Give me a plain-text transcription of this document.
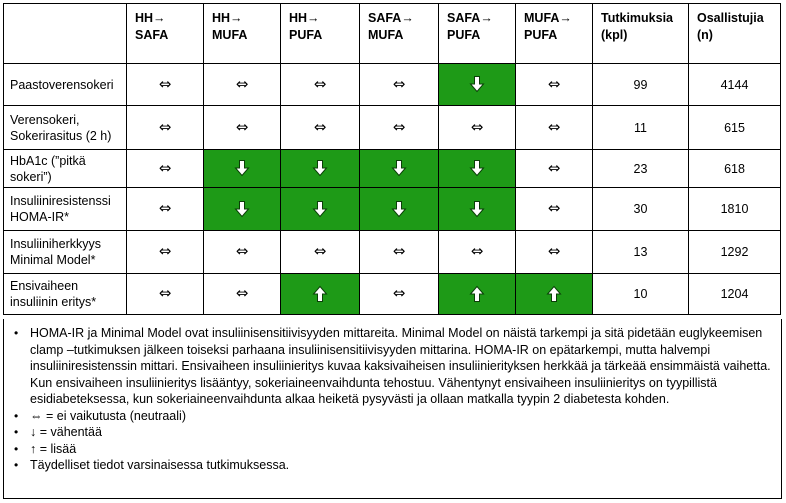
	HH→ SAFA	HH→ MUFA	HH→ PUFA	SAFA→ MUFA	SAFA→ PUFA	MUFA→ PUFA	Tutkimuksia (kpl)	Osallistujia (n)
Paastoverensokeri	⇔	⇔	⇔	⇔		⇔	99	4144
Verensokeri, Sokerirasitus (2 h)	⇔	⇔	⇔	⇔	⇔	⇔	11	615
HbA1c (”pitkä sokeri”)	⇔					⇔	23	618
Insuliiniresistenssi HOMA-IR*	⇔					⇔	30	1810
Insuliiniherkkyys Minimal Model*	⇔	⇔	⇔	⇔	⇔	⇔	13	1292
Ensivaiheen insuliinin eritys*	⇔	⇔		⇔			10	1204
• HOMA-IR ja Minimal Model ovat insuliinisensitiivisyyden mittareita. Minimal Model on näistä tarkempi ja sitä pidetään euglykeemisen clamp –tutkimuksen jälkeen toiseksi parhaana insuliinisensitiivisyyden mittarina. HOMA-IR on epätarkempi, mutta halvempi insuliiniresistenssin mittari. Ensivaiheen insuliinieritys kuvaa kaksivaiheisen insuliinierityksen herkkää ja tärkeää ensimmäistä vaihetta. Kun ensivaiheen insuliinieritys lisääntyy, sokeriaineenvaihdunta tehostuu. Vähentynyt ensivaiheen insuliinieritys on tyypillistä esidiabeteksessa, kun sokeriaineenvaihdunta alkaa heiketä pysyvästi ja ollaan matkalla tyypin 2 diabetesta kohden.
• ⇔ = ei vaikutusta (neutraali)
• ↓ = vähentää
• ↑ = lisää
• Täydelliset tiedot varsinaisessa tutkimuksessa.
